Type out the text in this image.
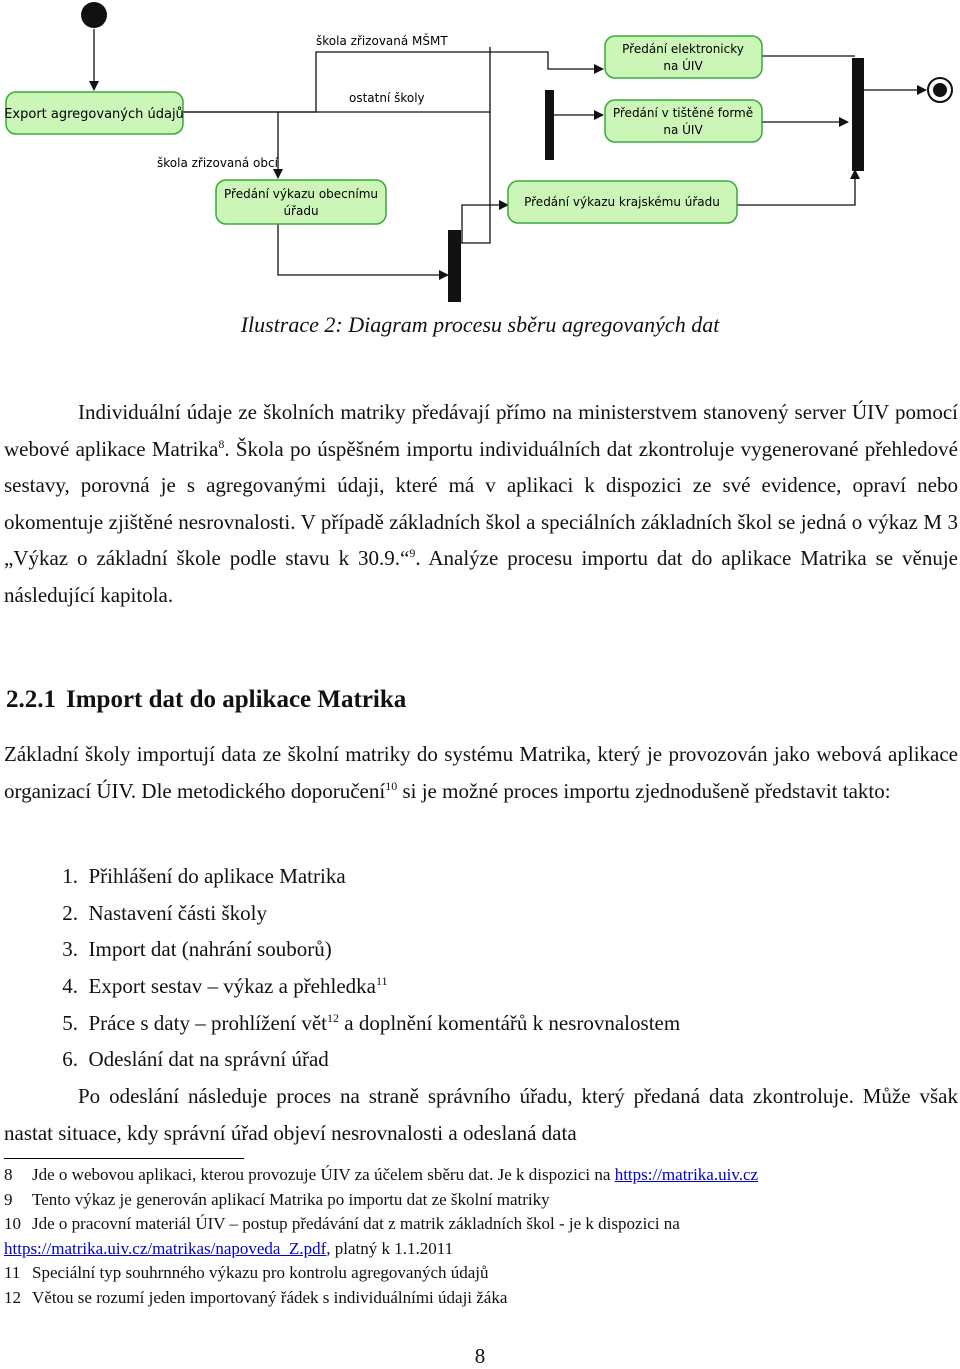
Export agregovaných údajů
Předání výkazu obecnímu
úřadu
Předání výkazu krajskému úřadu
Předání elektronicky
na ÚIV
Předání v tištěné formě
na ÚIV
škola zřizovaná MŠMT
ostatní školy
škola zřizovaná obcí
Ilustrace 2: Diagram procesu sběru agregovaných dat

Individuální údaje ze školních matriky předávají přímo na ministerstvem stanovený server ÚIV pomocí webové aplikace Matrika$^8$. Škola po úspěšném importu individuálních dat zkontroluje vygenerované přehledové sestavy, porovná je s agregovanými údaji, které má v aplikaci k dispozici ze své evidence, opraví nebo okomentuje zjištěné nesrovnalosti. V případě základních škol a speciálních základních škol se jedná o výkaz M 3 „Výkaz o základní škole podle stavu k 30.9.“$^9$. Analýze procesu importu dat do aplikace Matrika se věnuje následující kapitola.

2.2.1 Import dat do aplikace Matrika

Základní školy importují data ze školní matriky do systému Matrika, který je provozován jako webová aplikace organizací ÚIV. Dle metodického doporučení$^{10}$ si je možné proces importu zjednodušeně představit takto:

1. Přihlášení do aplikace Matrika
2. Nastavení části školy
3. Import dat (nahrání souborů)
4. Export sestav – výkaz a přehledka$^{11}$
5. Práce s daty – prohlížení vět$^{12}$ a doplnění komentářů k nesrovnalostem
6. Odeslání dat na správní úřad

Po odeslání následuje proces na straně správního úřadu, který předaná data zkontroluje. Může však nastat situace, kdy správní úřad objeví nesrovnalosti a odeslaná data

8 Jde o webovou aplikaci, kterou provozuje ÚIV za účelem sběru dat. Je k dispozici na https://matrika.uiv.cz
9 Tento výkaz je generován aplikací Matrika po importu dat ze školní matriky
10 Jde o pracovní materiál ÚIV – postup předávání dat z matrik základních škol - je k dispozici na
https://matrika.uiv.cz/matrikas/napoveda_Z.pdf, platný k 1.1.2011
11 Speciální typ souhrnného výkazu pro kontrolu agregovaných údajů
12 Větou se rozumí jeden importovaný řádek s individuálními údaji žáka
8
